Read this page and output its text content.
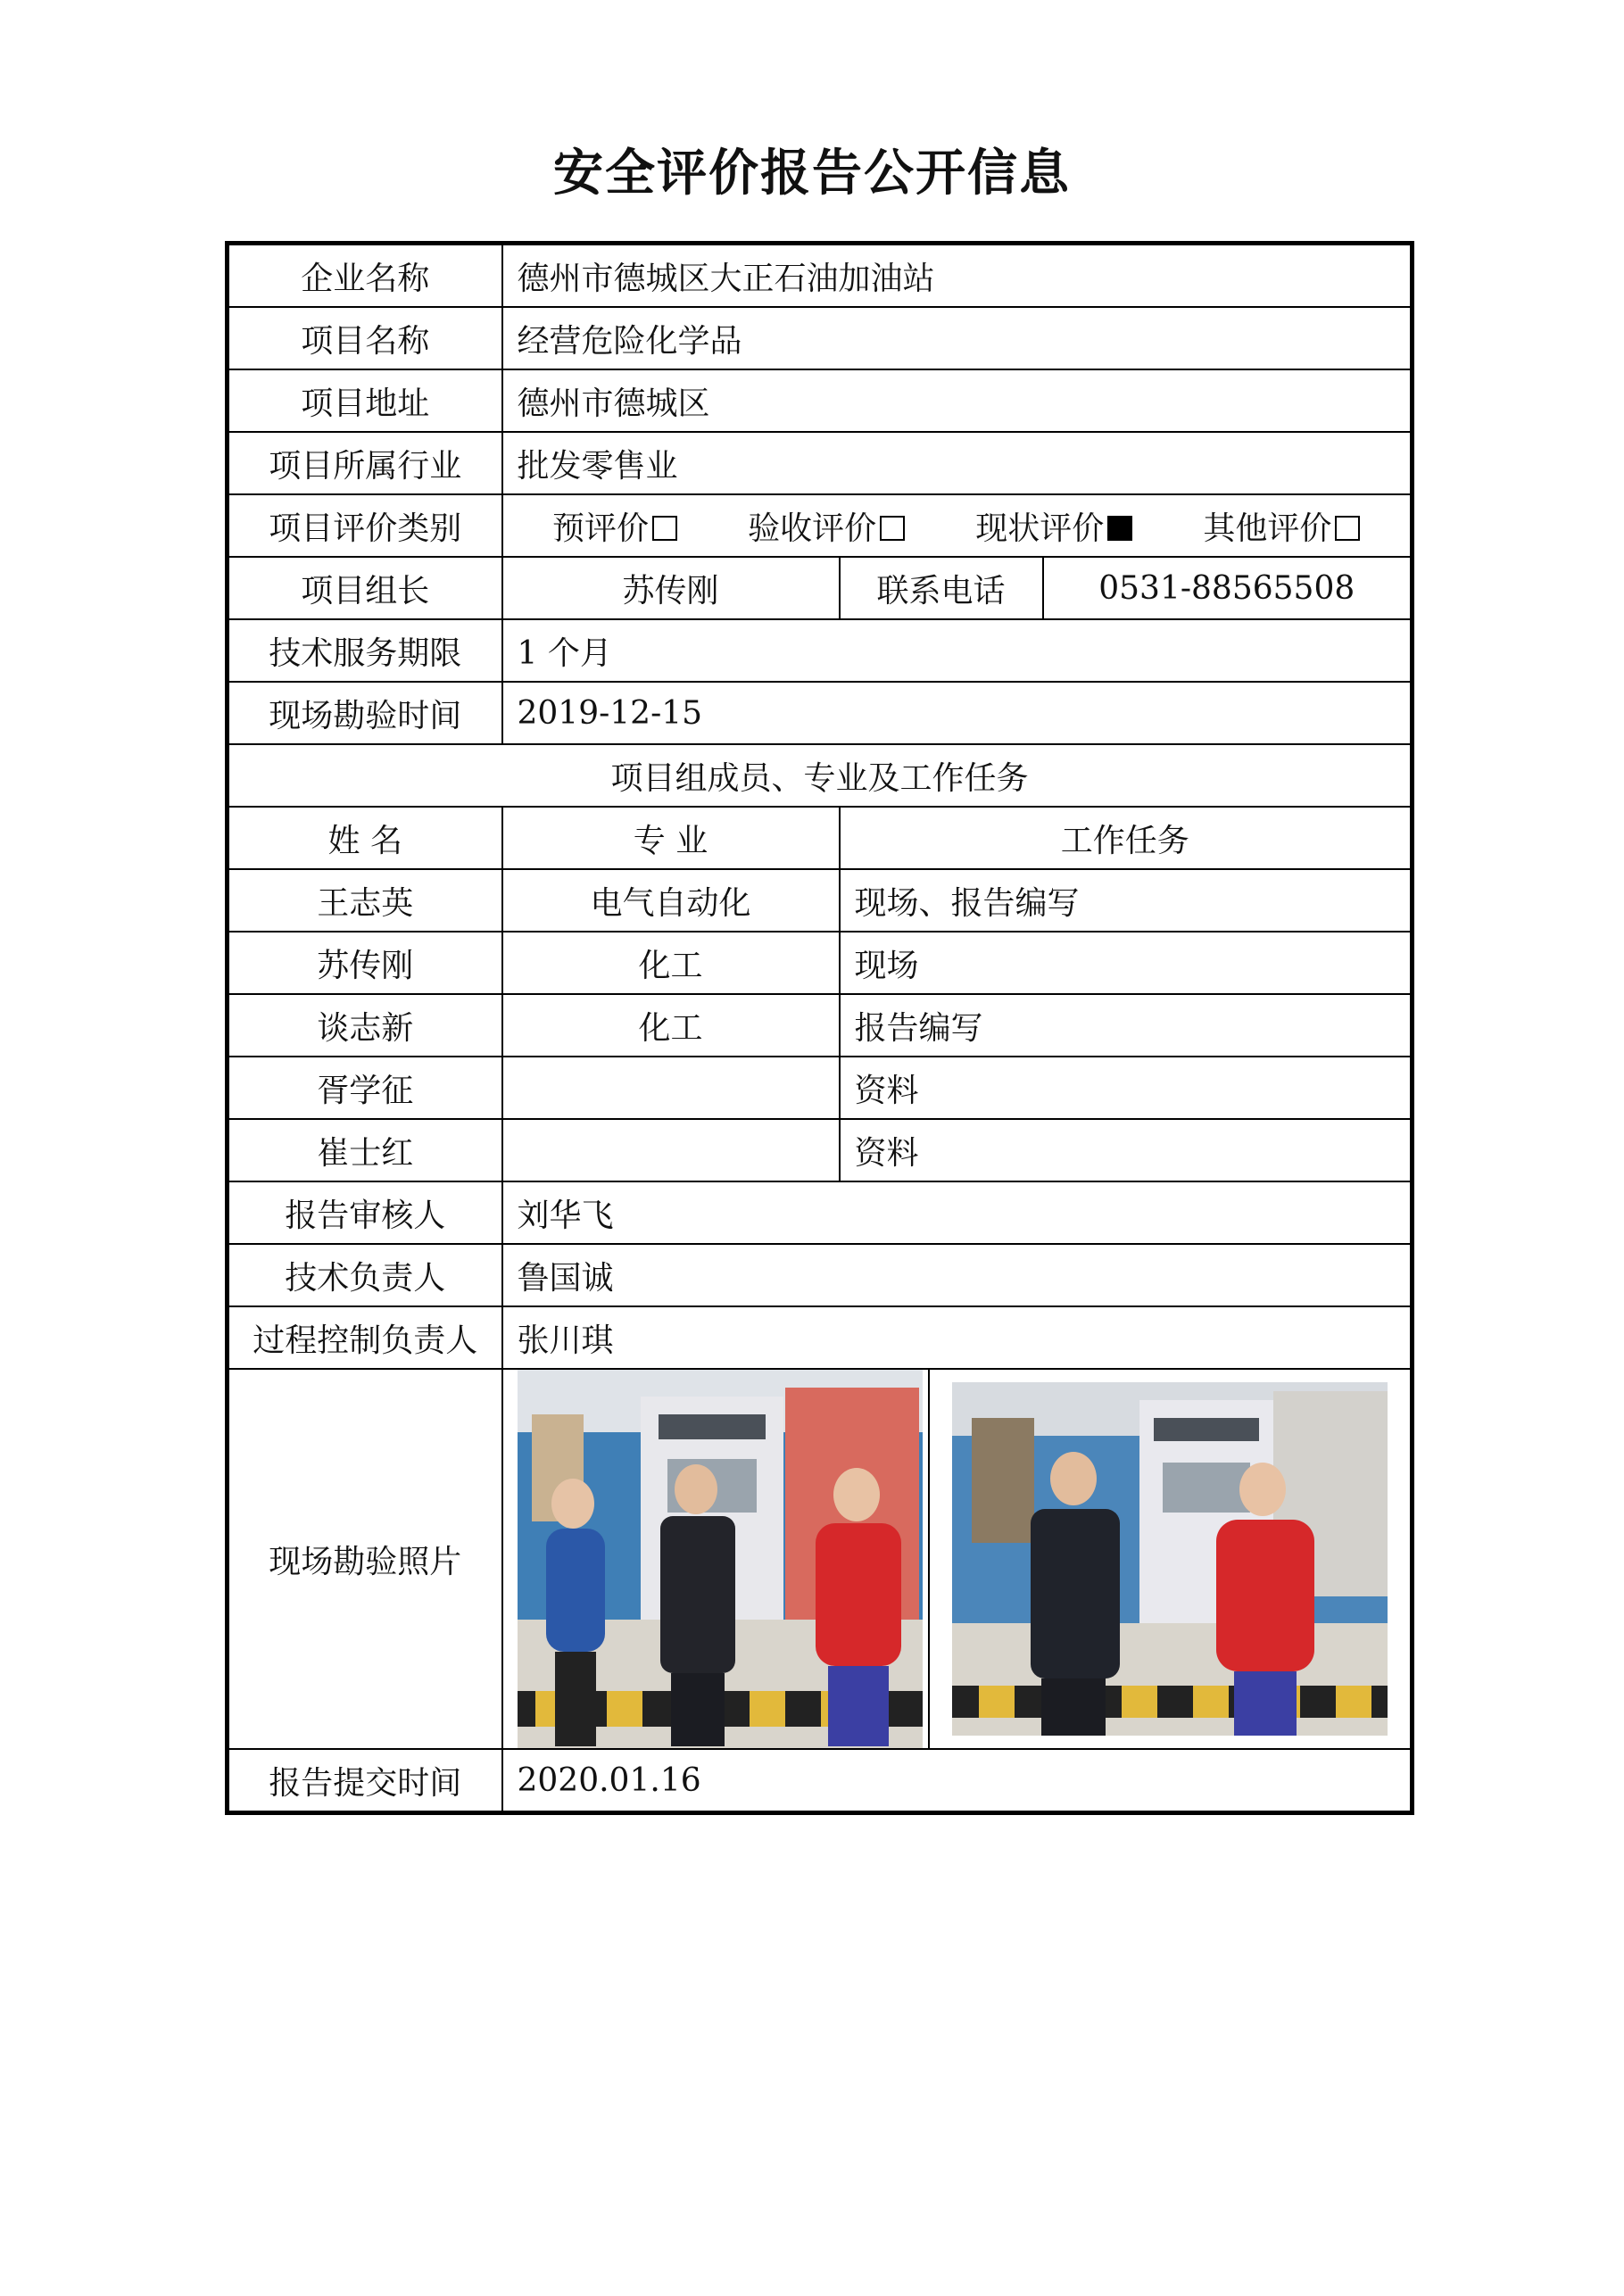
安全评价报告公开信息
企业名称	德州市德城区大正石油加油站			
项目名称	经营危险化学品			
项目地址	德州市德城区			
项目所属行业	批发零售业			
项目评价类别	预评价 验收评价 现状评价 其他评价			

项目组长	苏传刚	联系电话		0531-88565508
技术服务期限	1 个月			
现场勘验时间	2019-12-15			
项目组成员、专业及工作任务				
姓 名	专 业	工作任务		
王志英	电气自动化	现场、报告编写		
苏传刚	化工	现场		
谈志新	化工	报告编写		
胥学征		资料		
崔士红		资料		
报告审核人	刘华飞			
技术负责人	鲁国诚			
过程控制负责人	张川琪			
现场勘验照片	

报告提交时间	2020.01.16			
